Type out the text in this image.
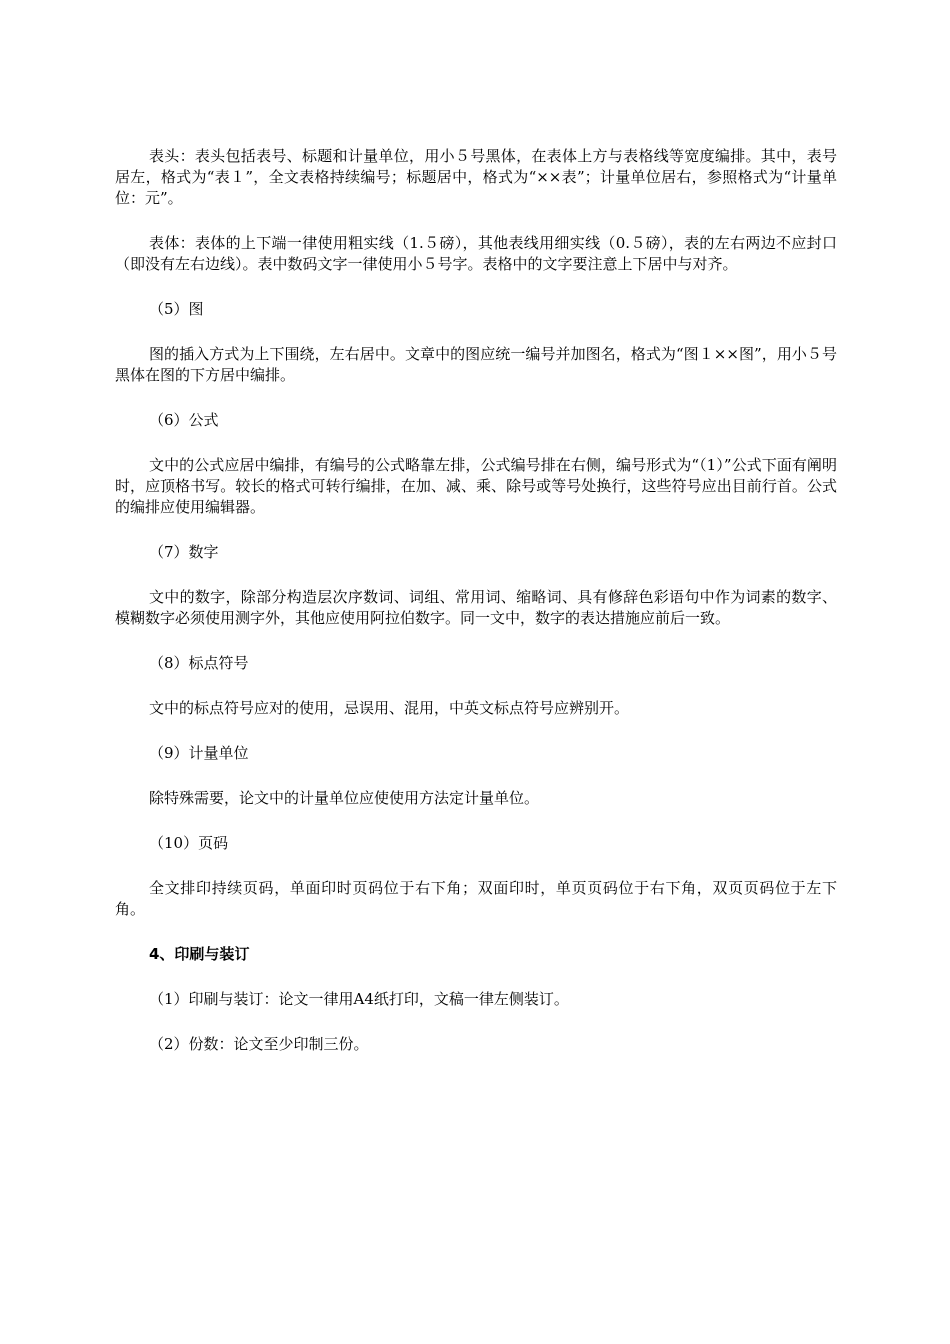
表头：表头包括表号、标题和计量单位，用小５号黑体，在表体上方与表格线等宽度编排。其中，表号居左，格式为“表１”，全文表格持续编号；标题居中，格式为“××表”；计量单位居右，参照格式为“计量单位：元”。

表体：表体的上下端一律使用粗实线（1.５磅），其他表线用细实线（0.５磅），表的左右两边不应封口（即没有左右边线）。表中数码文字一律使用小５号字。表格中的文字要注意上下居中与对齐。

（5）图

图的插入方式为上下围绕，左右居中。文章中的图应统一编号并加图名，格式为“图１××图”，用小５号黑体在图的下方居中编排。

（6）公式

文中的公式应居中编排，有编号的公式略靠左排，公式编号排在右侧，编号形式为“（1）”公式下面有阐明时，应顶格书写。较长的格式可转行编排，在加、减、乘、除号或等号处换行，这些符号应出目前行首。公式的编排应使用编辑器。

（7）数字

文中的数字，除部分构造层次序数词、词组、常用词、缩略词、具有修辞色彩语句中作为词素的数字、模糊数字必须使用测字外，其他应使用阿拉伯数字。同一文中，数字的表达措施应前后一致。

（8）标点符号

文中的标点符号应对的使用，忌误用、混用，中英文标点符号应辨别开。

（9）计量单位

除特殊需要，论文中的计量单位应使使用方法定计量单位。

（10）页码

全文排印持续页码，单面印时页码位于右下角；双面印时，单页页码位于右下角，双页页码位于左下角。

4、印刷与装订

（1）印刷与装订：论文一律用A4纸打印，文稿一律左侧装订。

（2）份数：论文至少印制三份。
